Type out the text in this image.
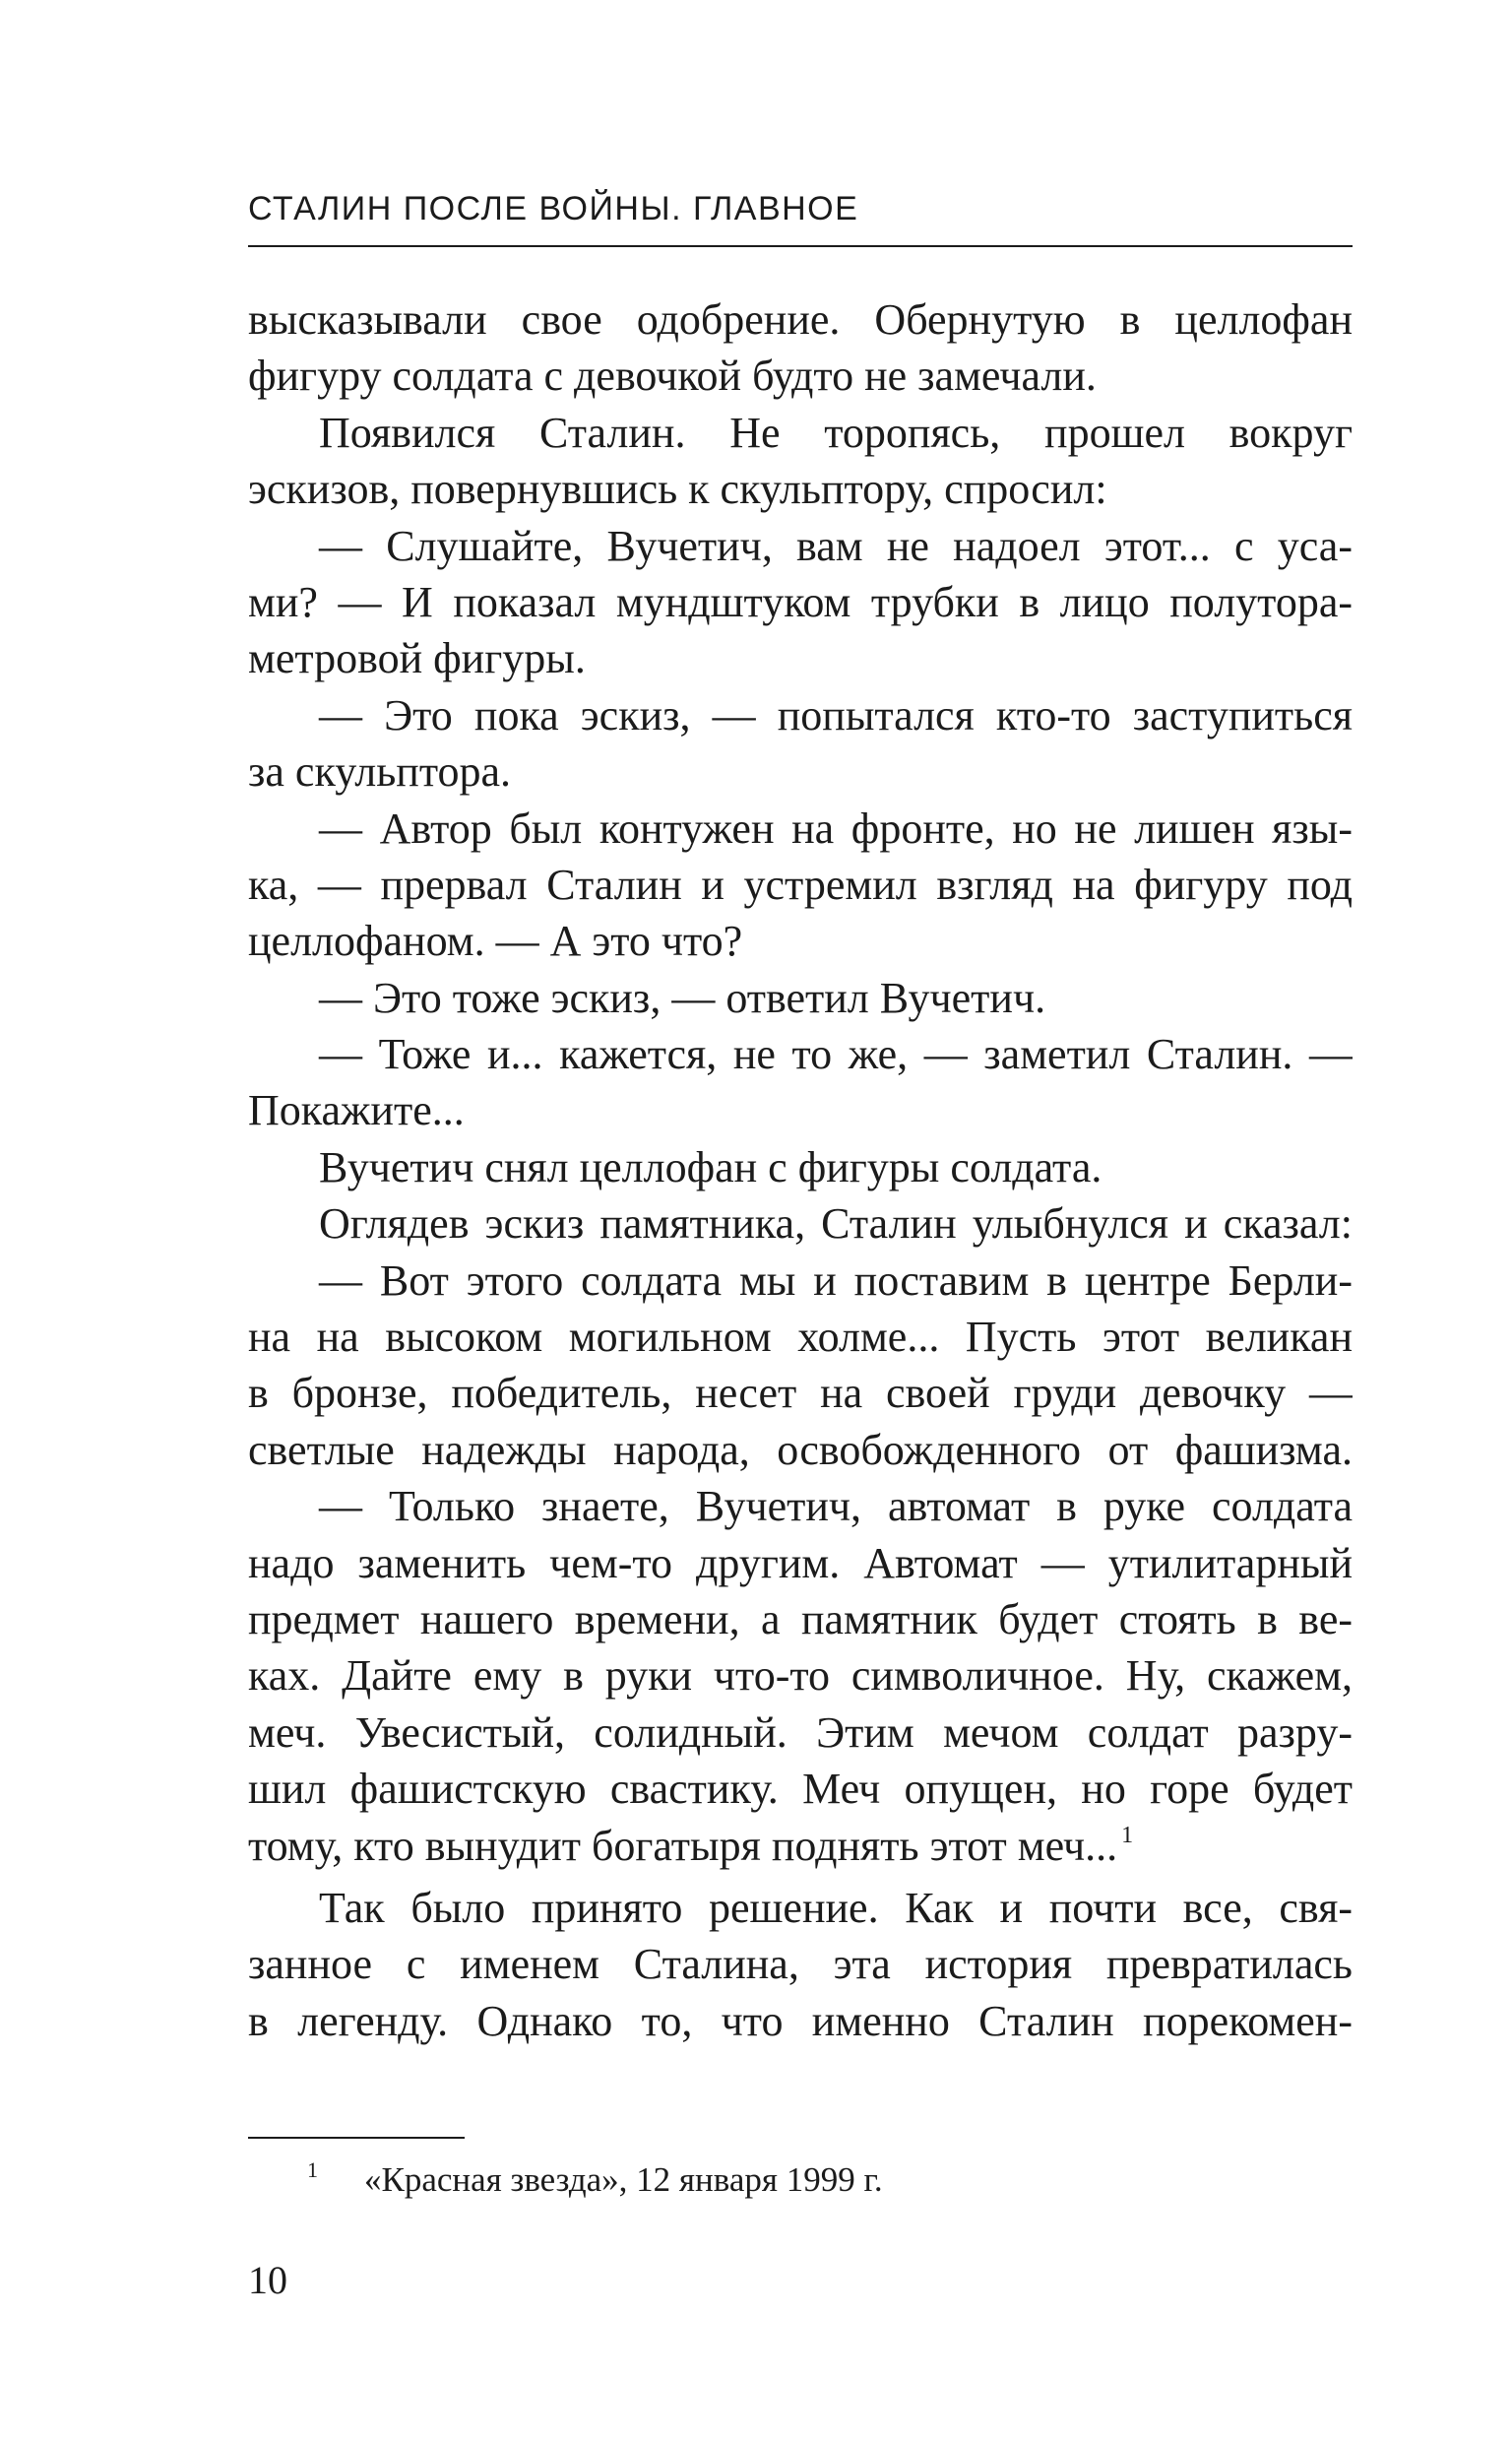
СТАЛИН ПОСЛЕ ВОЙНЫ. ГЛАВНОЕ
высказывали свое одобрение. Обернутую в целлофан
фигуру солдата с девочкой будто не замечали.
Появился Сталин. Не торопясь, прошел вокруг
эскизов, повернувшись к скульптору, спросил:
— Слушайте, Вучетич, вам не надоел этот... с уса-
ми? — И показал мундштуком трубки в лицо полутора-
метровой фигуры.
— Это пока эскиз, — попытался кто-то заступиться
за скульптора.
— Автор был контужен на фронте, но не лишен язы-
ка, — прервал Сталин и устремил взгляд на фигуру под
целлофаном. — А это что?
— Это тоже эскиз, — ответил Вучетич.
— Тоже и... кажется, не то же, — заметил Сталин. —
Покажите...
Вучетич снял целлофан с фигуры солдата.
Оглядев эскиз памятника, Сталин улыбнулся и сказал:
— Вот этого солдата мы и поставим в центре Берли-
на на высоком могильном холме... Пусть этот великан
в бронзе, победитель, несет на своей груди девочку —
светлые надежды народа, освобожденного от фашизма.
— Только знаете, Вучетич, автомат в руке солдата
надо заменить чем-то другим. Автомат — утилитарный
предмет нашего времени, а памятник будет стоять в ве-
ках. Дайте ему в руки что-то символичное. Ну, скажем,
меч. Увесистый, солидный. Этим мечом солдат разру-
шил фашистскую свастику. Меч опущен, но горе будет
тому, кто вынудит богатыря поднять этот меч... $^1$
Так было принято решение. Как и почти все, свя-
занное с именем Сталина, эта история превратилась
в легенду. Однако то, что именно Сталин порекомен-
1 «Красная звезда», 12 января 1999 г.
10
